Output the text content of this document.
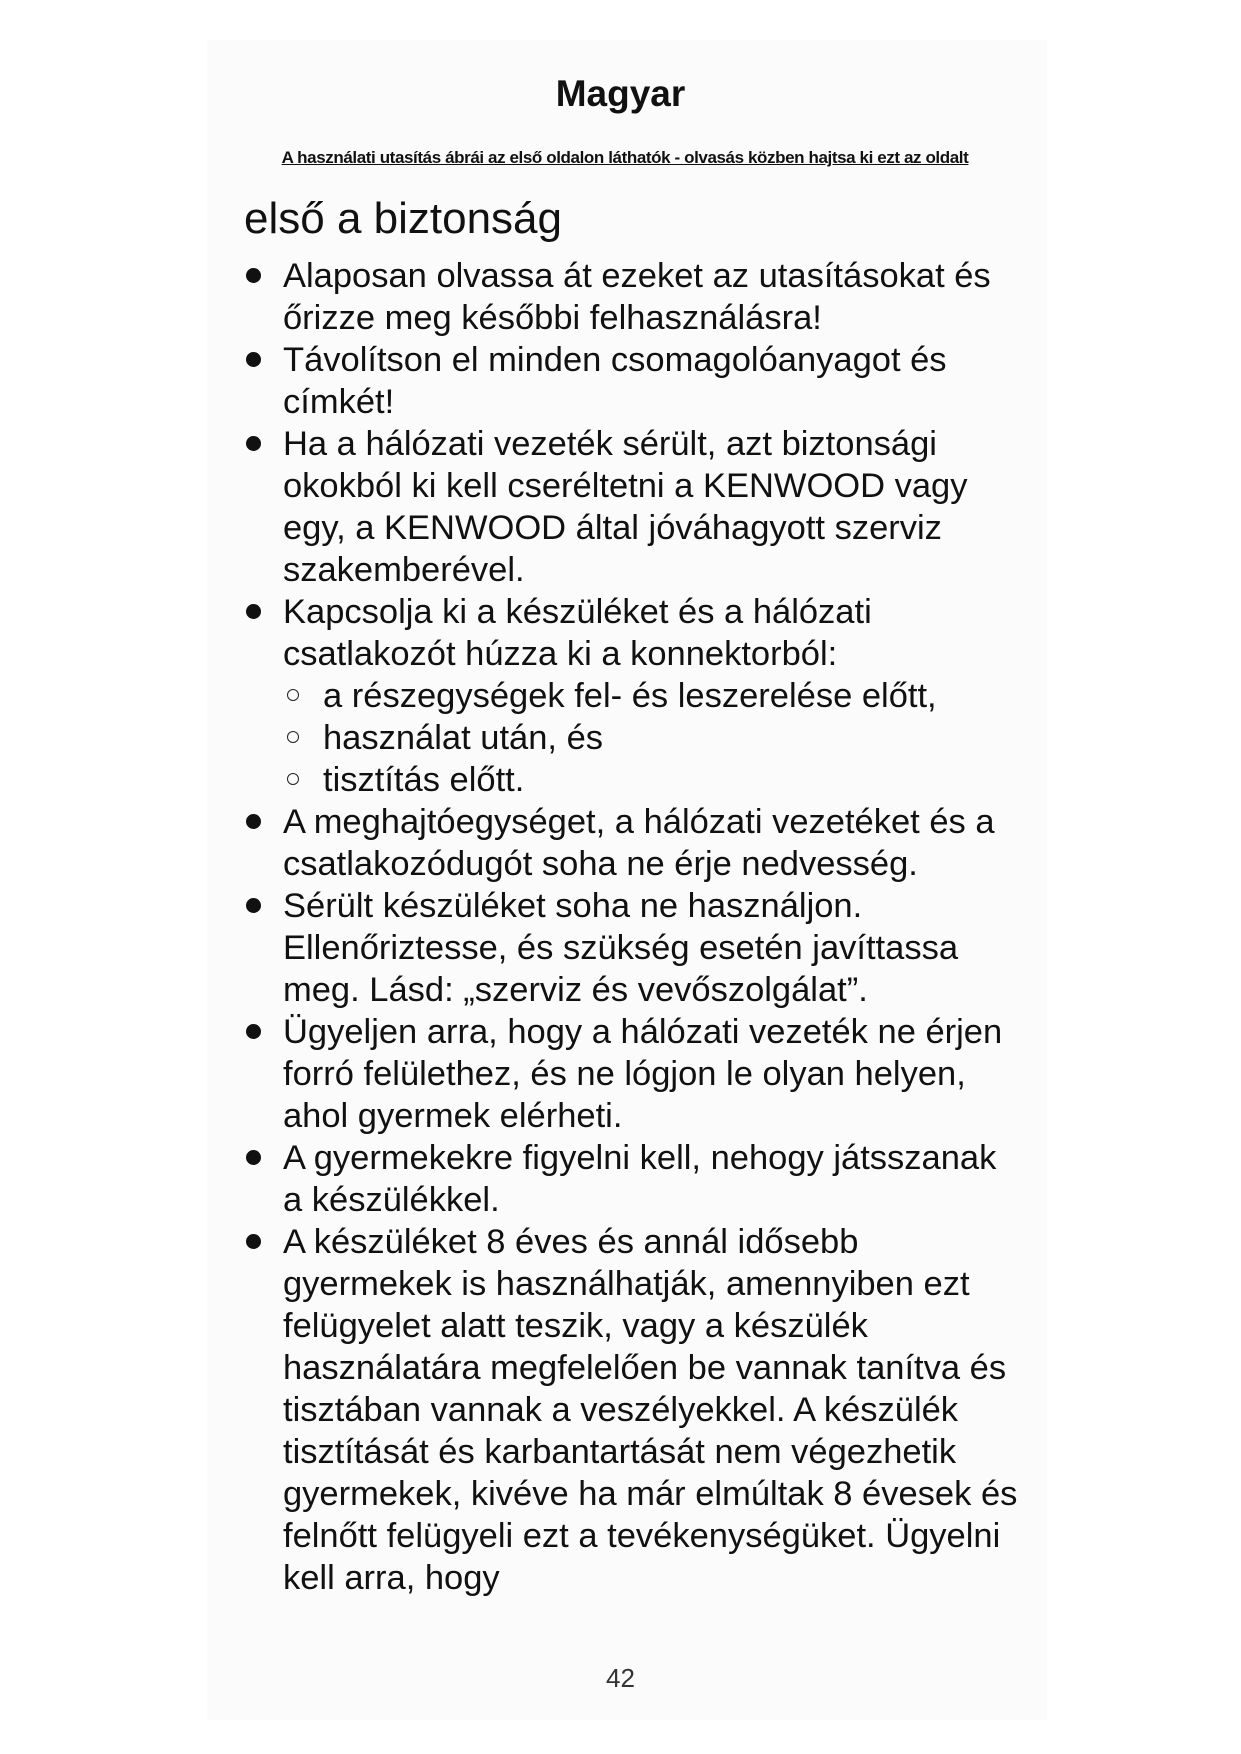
Magyar

A használati utasítás ábrái az első oldalon láthatók - olvasás közben hajtsa ki ezt az oldalt

első a biztonság
Alaposan olvassa át ezeket az utasításokat és őrizze meg későbbi felhasználásra!
Távolítson el minden csomagolóanyagot és címkét!
Ha a hálózati vezeték sérült, azt biztonsági okokból ki kell cseréltetni a KENWOOD vagy egy, a KENWOOD által jóváhagyott szerviz szakemberével.
Kapcsolja ki a készüléket és a hálózati csatlakozót húzza ki a konnektorból:
a részegységek fel- és leszerelése előtt,
használat után, és
tisztítás előtt.
A meghajtóegységet, a hálózati vezetéket és a csatlakozódugót soha ne érje nedvesség.
Sérült készüléket soha ne használjon. Ellenőriztesse, és szükség esetén javíttassa meg. Lásd: „szerviz és vevőszolgálat”.
Ügyeljen arra, hogy a hálózati vezeték ne érjen forró felülethez, és ne lógjon le olyan helyen, ahol gyermek elérheti.
A gyermekekre figyelni kell, nehogy játsszanak a készülékkel.
A készüléket 8 éves és annál idősebb gyermekek is használhatják, amennyiben ezt felügyelet alatt teszik, vagy a készülék használatára megfelelően be vannak tanítva és tisztában vannak a veszélyekkel. A készülék tisztítását és karbantartását nem végezhetik gyermekek, kivéve ha már elmúltak 8 évesek és felnőtt felügyeli ezt a tevékenységüket. Ügyelni kell arra, hogy

42
